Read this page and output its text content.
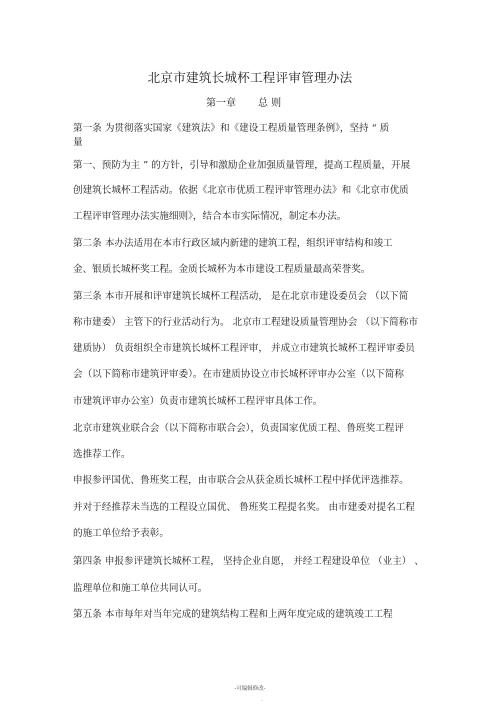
北京市建筑长城杯工程评审管理办法
第一章 总 则
第一条 为贯彻落实国家《建筑法》和《建设工程质量管理条例》，坚持 “ 质
量
第一、预防为主 ” 的方针，引导和激励企业加强质量管理，提高工程质量，开展
创建筑长城杯工程活动。依据《北京市优质工程评审管理办法》和《北京市优质
工程评审管理办法实施细则》，结合本市实际情况，制定本办法。
第二条 本办法适用在本市行政区域内新建的建筑工程，组织评审结构和竣工
金、银质长城杯奖工程。金质长城杯为本市建设工程质量最高荣誉奖。
第三条 本市开展和评审建筑长城杯工程活动， 是在北京市建设委员会 （以下简
称市建委） 主管下的行业活动行为。 北京市工程建设质量管理协会 （以下简称市
建质协） 负责组织全市建筑长城杯工程评审， 并成立市建筑长城杯工程评审委员
会（以下简称市建筑评审委）。在市建质协设立市长城杯评审办公室（以下简称
市建筑评审办公室）负责市建筑长城杯工程评审具体工作。
北京市建筑业联合会（以下简称市联合会），负责国家优质工程、鲁班奖工程评
选推荐工作。
申报参评国优、鲁班奖工程，由市联合会从获金质长城杯工程中择优评选推荐。
并对于经推荐未当选的工程设立国优、 鲁班奖工程提名奖。 由市建委对提名工程
的施工单位给予表彰。
第四条 申报参评建筑长城杯工程， 坚持企业自愿， 并经工程建设单位 （业主） 、
监理单位和施工单位共同认可。
第五条 本市每年对当年完成的建筑结构工程和上两年度完成的建筑竣工工程
-可编辑修改-
.
